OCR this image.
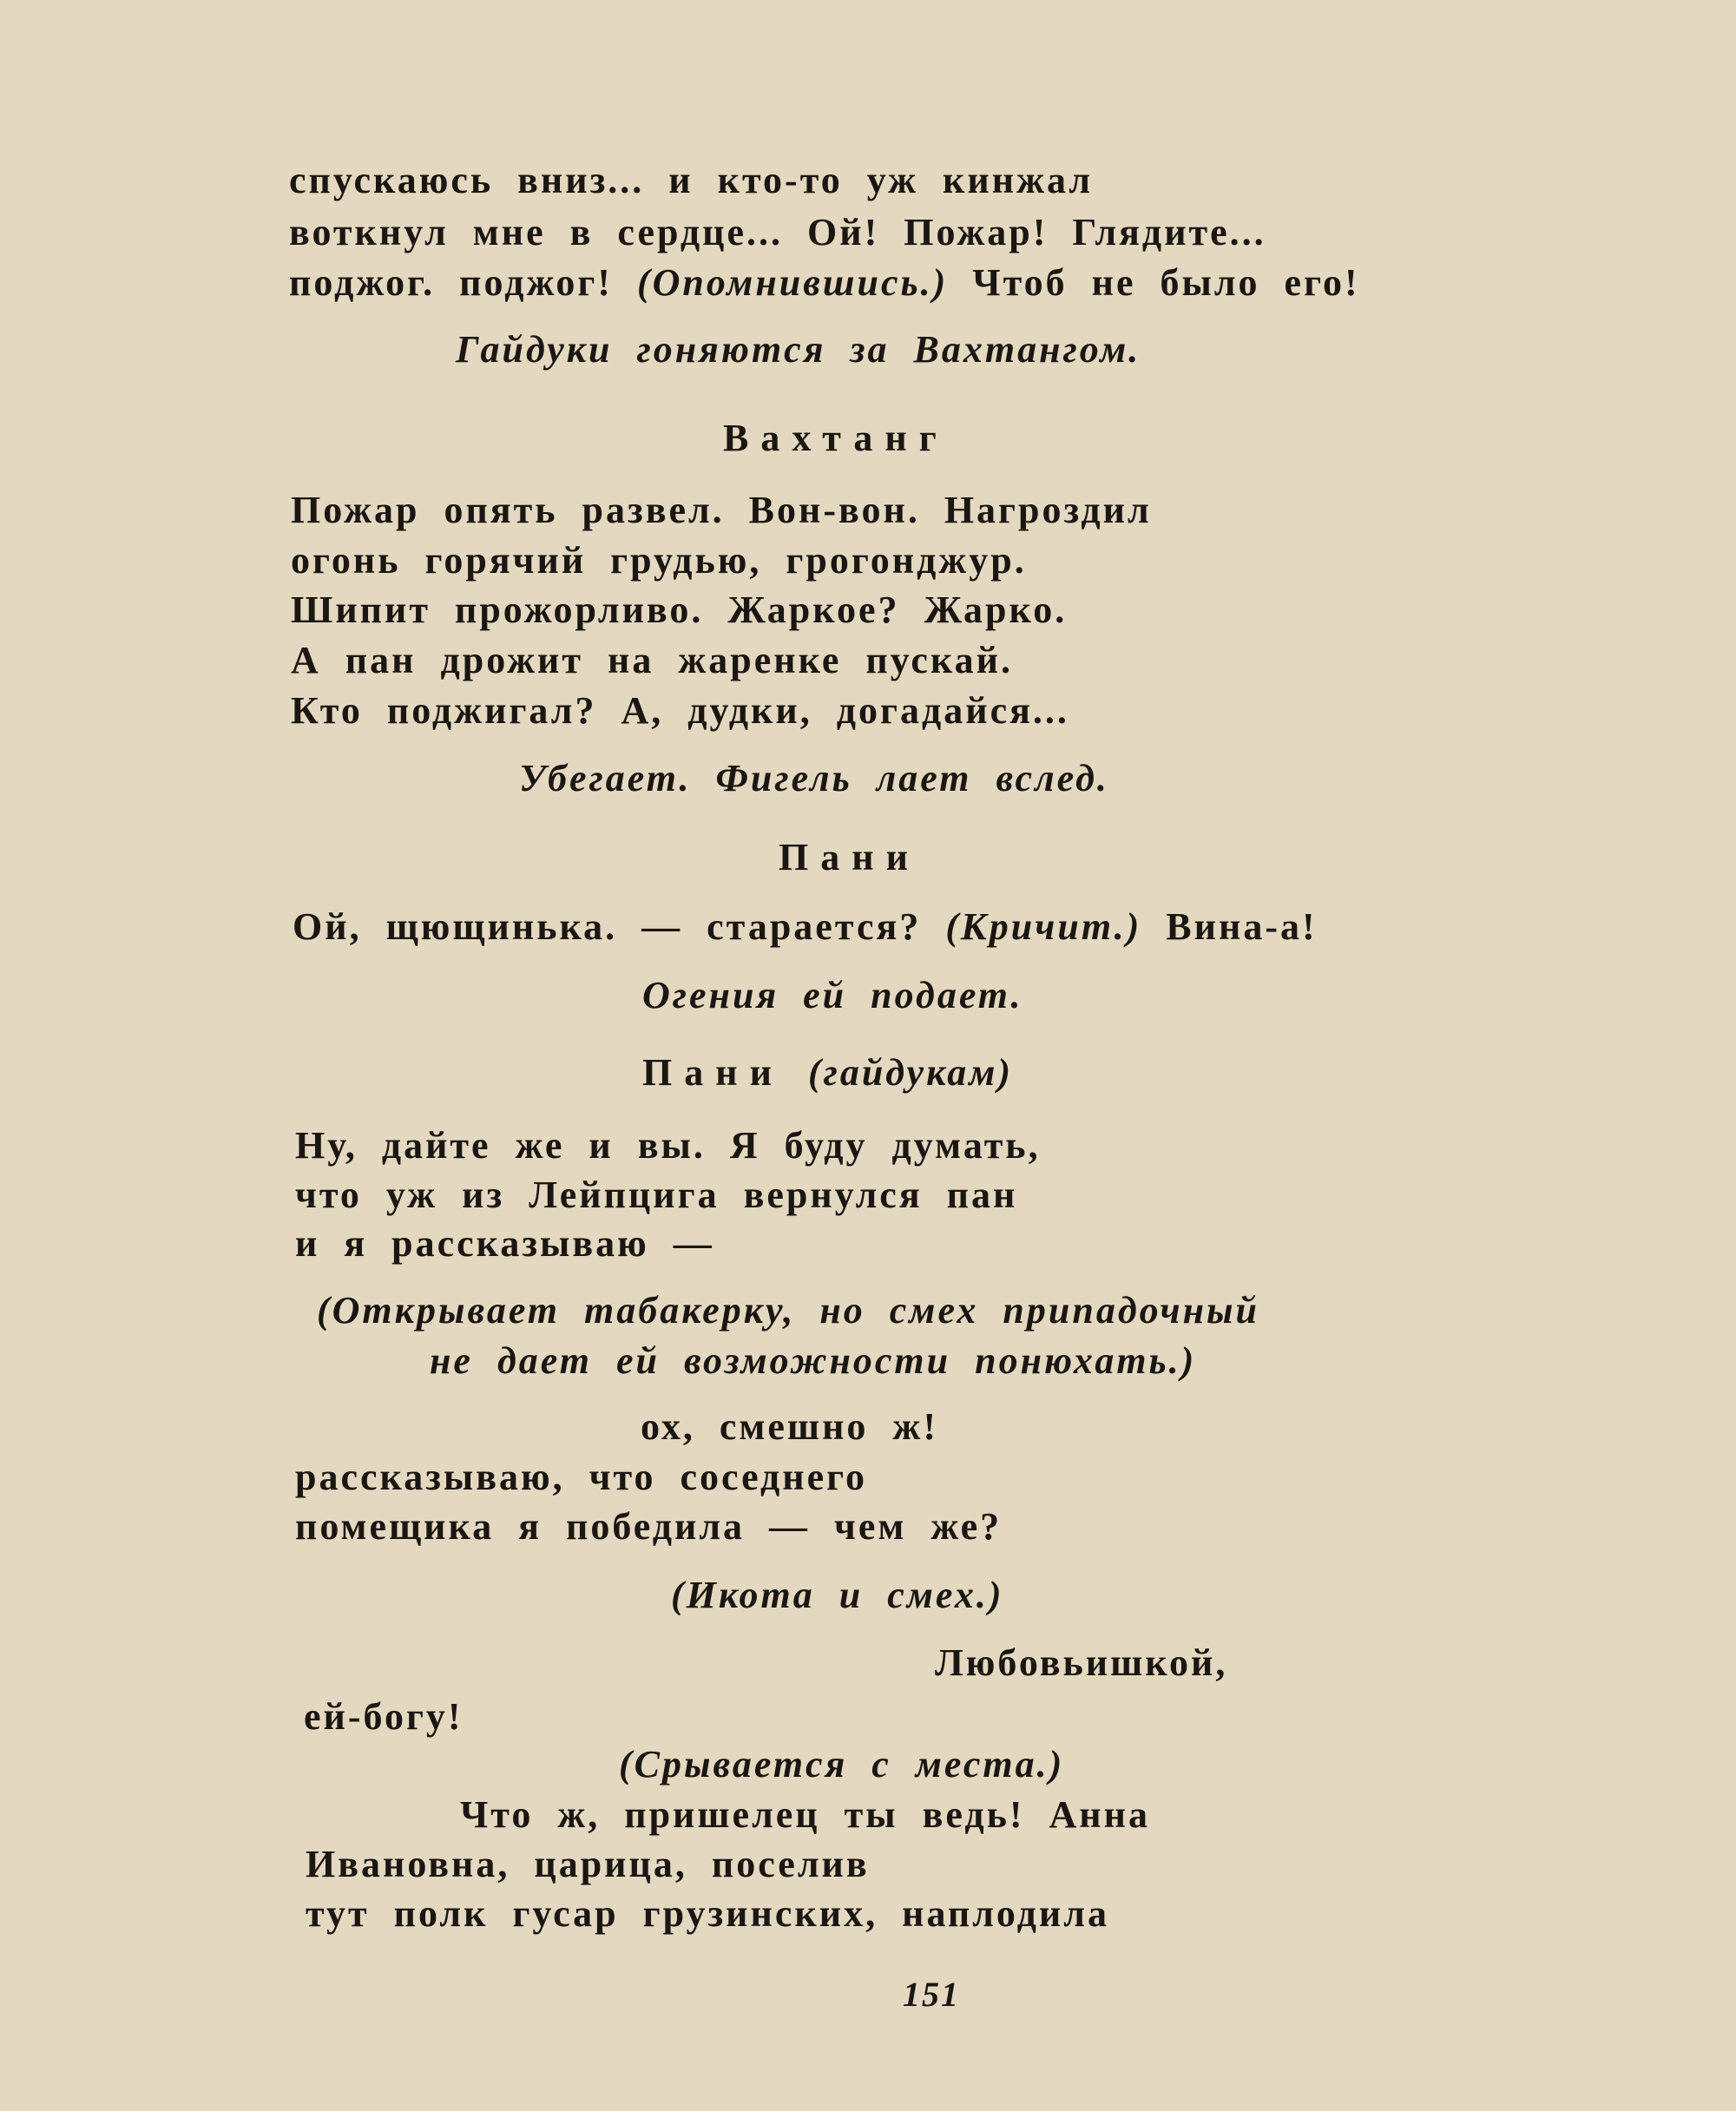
спускаюсь вниз... и кто-то уж кинжал
воткнул мне в сердце... Ой! Пожар! Глядите...
поджог. поджог! (Опомнившись.) Чтоб не было его!
Гайдуки гоняются за Вахтангом.
Вахтанг
Пожар опять развел. Вон-вон. Нагроздил
огонь горячий грудью, грогонджур.
Шипит прожорливо. Жаркое? Жарко.
А пан дрожит на жаренке пускай.
Кто поджигал? А, дудки, догадайся...
Убегает. Фигель лает вслед.
Пани
Ой, щющинька. — старается? (Кричит.) Вина-а!
Огения ей подает.
Пани (гайдукам)
Ну, дайте же и вы. Я буду думать,
что уж из Лейпцига вернулся пан
и я рассказываю —
(Открывает табакерку, но смех припадочный
не дает ей возможности понюхать.)
ох, смешно ж!
рассказываю, что соседнего
помещика я победила — чем же?
(Икота и смех.)
Любовьишкой,
ей-богу!
(Срывается с места.)
Что ж, пришелец ты ведь! Анна
Ивановна, царица, поселив
тут полк гусар грузинских, наплодила
151
